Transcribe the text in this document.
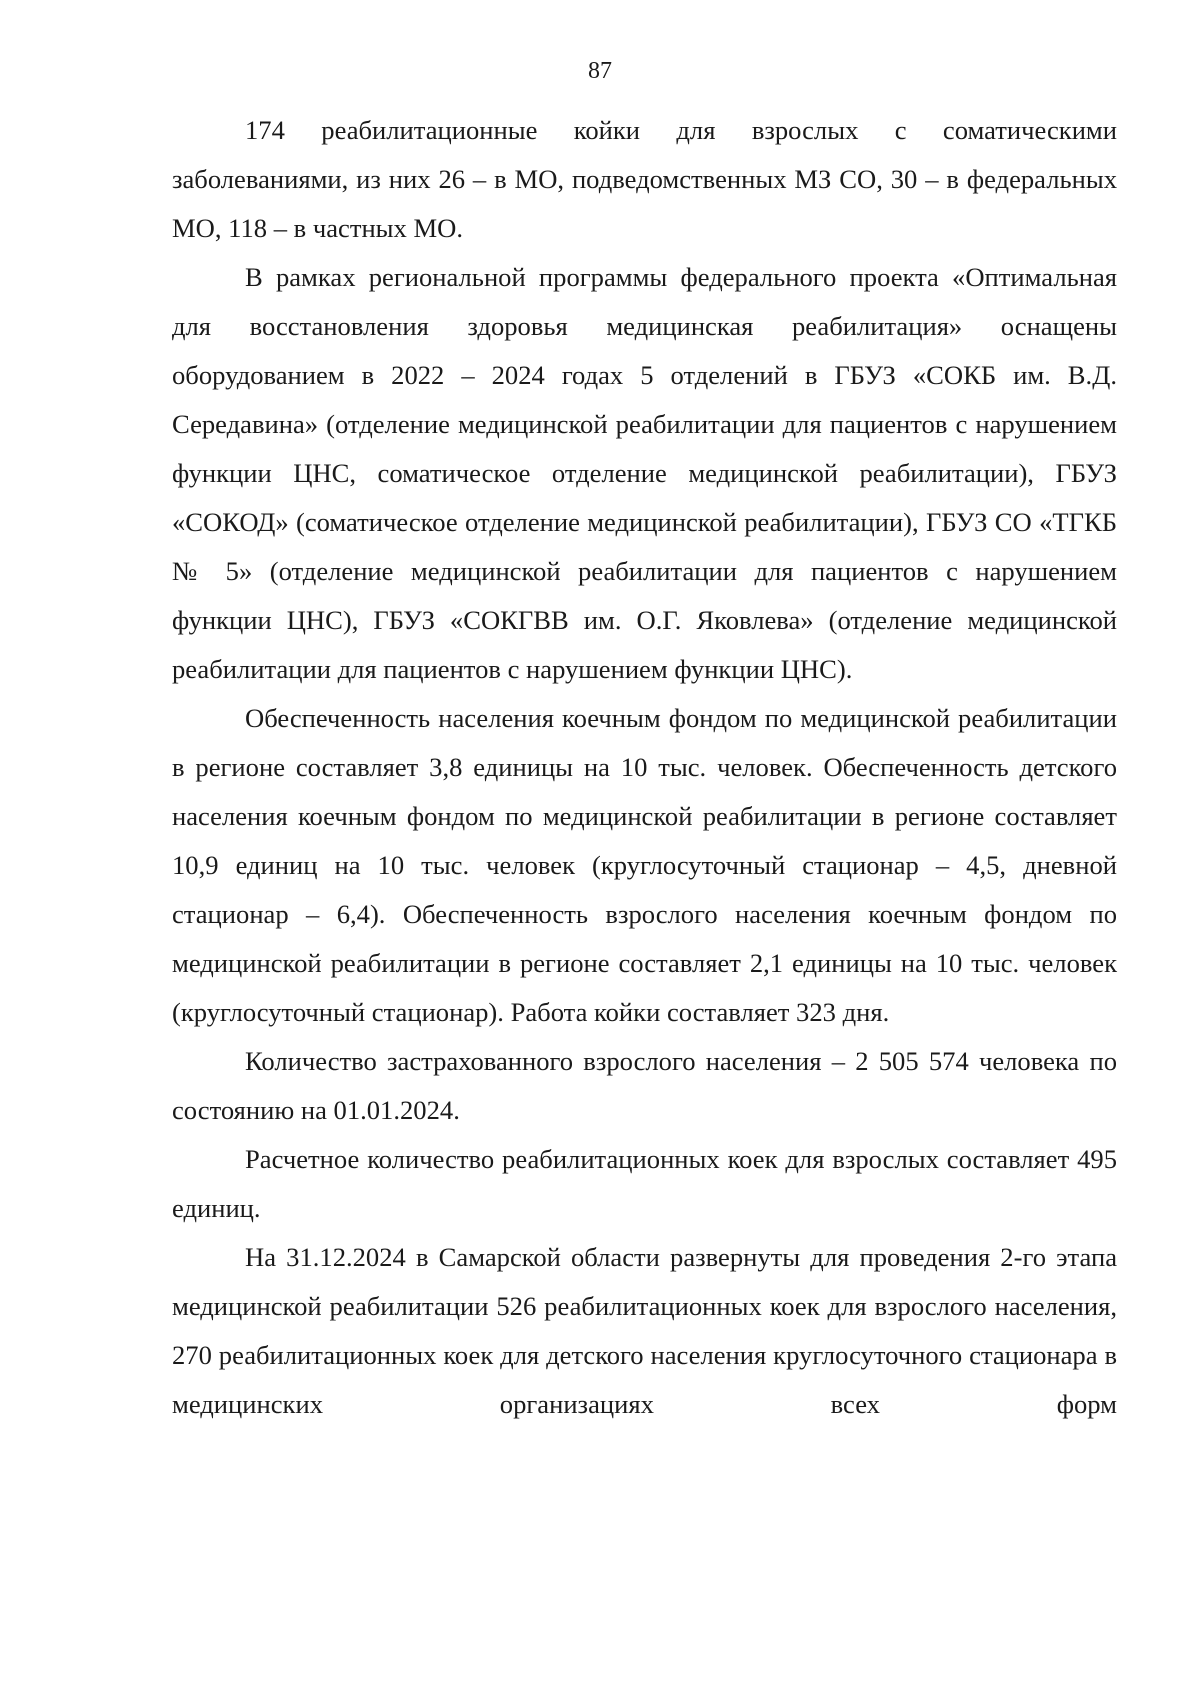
87

174 реабилитационные койки для взрослых с соматическими заболеваниями, из них 26 – в МО, подведомственных МЗ СО, 30 – в федеральных МО, 118 – в частных МО.

В рамках региональной программы федерального проекта «Оптимальная для восстановления здоровья медицинская реабилитация» оснащены оборудованием в 2022 – 2024 годах 5 отделений в ГБУЗ «СОКБ им. В.Д. Середавина» (отделение медицинской реабилитации для пациентов с нарушением функции ЦНС, соматическое отделение медицинской реабилитации), ГБУЗ «СОКОД» (соматическое отделение медицинской реабилитации), ГБУЗ СО «ТГКБ № 5» (отделение медицинской реабилитации для пациентов с нарушением функции ЦНС), ГБУЗ «СОКГВВ им. О.Г. Яковлева» (отделение медицинской реабилитации для пациентов с нарушением функции ЦНС).

Обеспеченность населения коечным фондом по медицинской реабилитации в регионе составляет 3,8 единицы на 10 тыс. человек. Обеспеченность детского населения коечным фондом по медицинской реабилитации в регионе составляет 10,9 единиц на 10 тыс. человек (круглосуточный стационар – 4,5, дневной стационар – 6,4). Обеспеченность взрослого населения коечным фондом по медицинской реабилитации в регионе составляет 2,1 единицы на 10 тыс. человек (круглосуточный стационар). Работа койки составляет 323 дня.

Количество застрахованного взрослого населения – 2 505 574 человека по состоянию на 01.01.2024.

Расчетное количество реабилитационных коек для взрослых составляет 495 единиц.

На 31.12.2024 в Самарской области развернуты для проведения 2-го этапа медицинской реабилитации 526 реабилитационных коек для взрослого населения, 270 реабилитационных коек для детского населения круглосуточного стационара в медицинских организациях всех форм
